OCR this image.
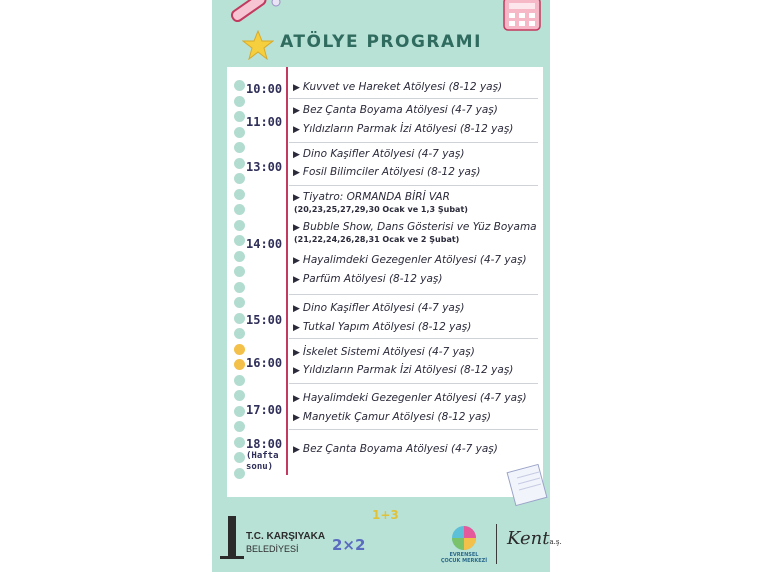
ATÖLYE PROGRAMI
10:00
11:00
13:00
14:00
15:00
16:00
17:00
18:00
(Hafta sonu)
▶ Kuvvet ve Hareket Atölyesi (8-12 yaş)
▶ Bez Çanta Boyama Atölyesi (4-7 yaş)
▶ Yıldızların Parmak İzi Atölyesi (8-12 yaş)
▶ Dino Kaşifler Atölyesi (4-7 yaş)
▶ Fosil Bilimciler Atölyesi (8-12 yaş)
▶ Tiyatro: ORMANDA BİRİ VAR
(20,23,25,27,29,30 Ocak ve 1,3 Şubat)
▶ Bubble Show, Dans Gösterisi ve Yüz Boyama
(21,22,24,26,28,31 Ocak ve 2 Şubat)
▶ Hayalimdeki Gezegenler Atölyesi (4-7 yaş)
▶ Parfüm Atölyesi (8-12 yaş)
▶ Dino Kaşifler Atölyesi (4-7 yaş)
▶ Tutkal Yapım Atölyesi (8-12 yaş)
▶ İskelet Sistemi Atölyesi (4-7 yaş)
▶ Yıldızların Parmak İzi Atölyesi (8-12 yaş)
▶ Hayalimdeki Gezegenler Atölyesi (4-7 yaş)
▶ Manyetik Çamur Atölyesi (8-12 yaş)
▶ Bez Çanta Boyama Atölyesi (4-7 yaş)
T.C. KARŞIYAKA
BELEDİYESİ
1+3
2×2
EVRENSEL ÇOCUK MERKEZİ
Kenta.ş.
